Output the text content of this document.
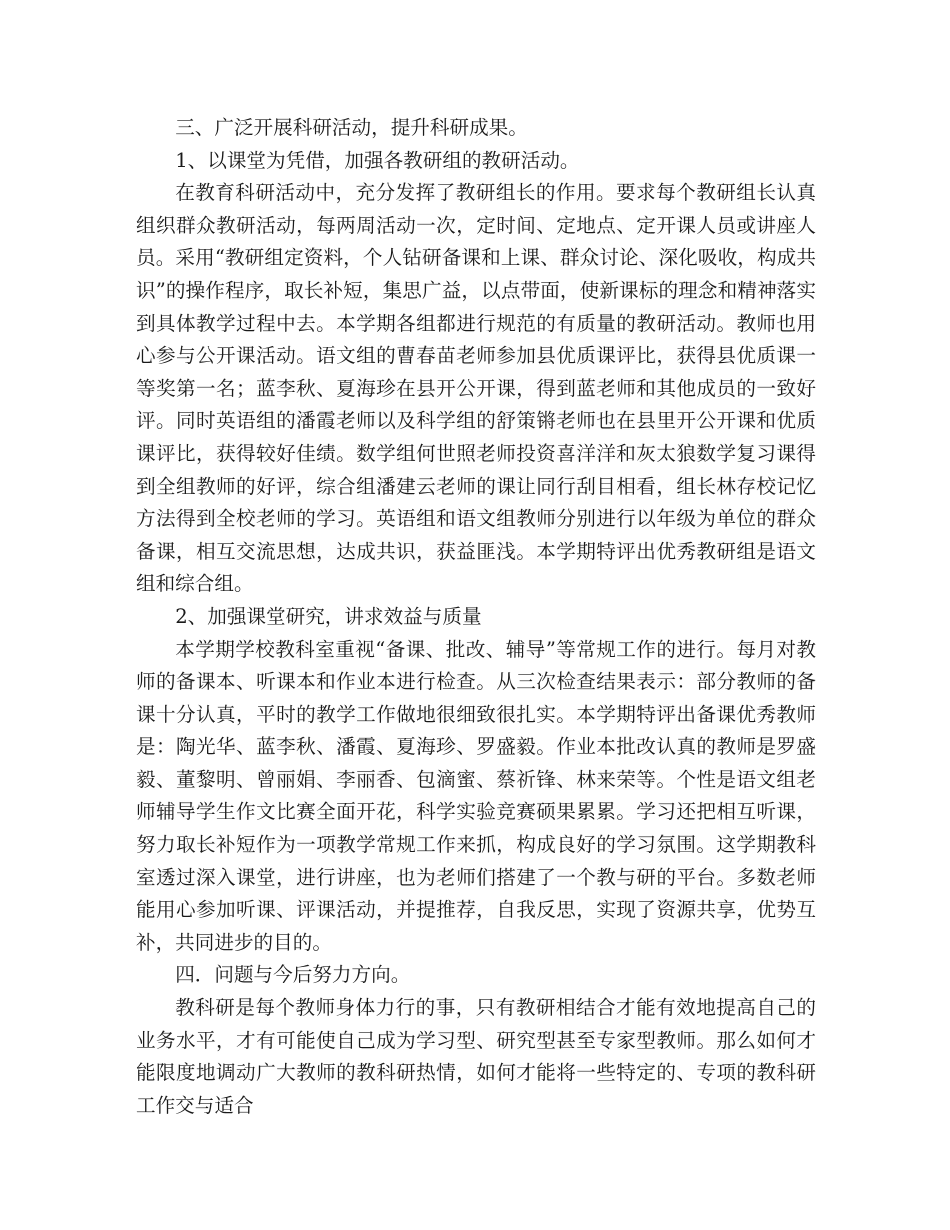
三、广泛开展科研活动，提升科研成果。

1、以课堂为凭借，加强各教研组的教研活动。

在教育科研活动中，充分发挥了教研组长的作用。要求每个教研组长认真组织群众教研活动，每两周活动一次，定时间、定地点、定开课人员或讲座人员。采用“教研组定资料，个人钻研备课和上课、群众讨论、深化吸收，构成共识”的操作程序，取长补短，集思广益，以点带面，使新课标的理念和精神落实到具体教学过程中去。本学期各组都进行规范的有质量的教研活动。教师也用心参与公开课活动。语文组的曹春苗老师参加县优质课评比，获得县优质课一等奖第一名；蓝李秋、夏海珍在县开公开课，得到蓝老师和其他成员的一致好评。同时英语组的潘霞老师以及科学组的舒策锵老师也在县里开公开课和优质课评比，获得较好佳绩。数学组何世照老师投资喜洋洋和灰太狼数学复习课得到全组教师的好评，综合组潘建云老师的课让同行刮目相看，组长林存校记忆方法得到全校老师的学习。英语组和语文组教师分别进行以年级为单位的群众备课，相互交流思想，达成共识，获益匪浅。本学期特评出优秀教研组是语文组和综合组。

2、加强课堂研究，讲求效益与质量

本学期学校教科室重视“备课、批改、辅导”等常规工作的进行。每月对教师的备课本、听课本和作业本进行检查。从三次检查结果表示：部分教师的备课十分认真，平时的教学工作做地很细致很扎实。本学期特评出备课优秀教师是：陶光华、蓝李秋、潘霞、夏海珍、罗盛毅。作业本批改认真的教师是罗盛毅、董黎明、曾丽娟、李丽香、包滴蜜、蔡祈锋、林来荣等。个性是语文组老师辅导学生作文比赛全面开花，科学实验竞赛硕果累累。学习还把相互听课，努力取长补短作为一项教学常规工作来抓，构成良好的学习氛围。这学期教科室透过深入课堂，进行讲座，也为老师们搭建了一个教与研的平台。多数老师能用心参加听课、评课活动，并提推荐，自我反思，实现了资源共享，优势互补，共同进步的目的。

四．问题与今后努力方向。

教科研是每个教师身体力行的事，只有教研相结合才能有效地提高自己的业务水平，才有可能使自己成为学习型、研究型甚至专家型教师。那么如何才能限度地调动广大教师的教科研热情，如何才能将一些特定的、专项的教科研工作交与适合
